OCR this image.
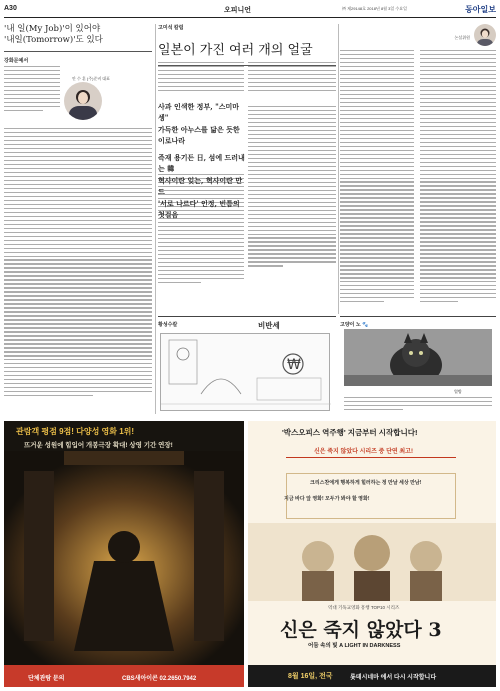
A30	오피니언	㈜ 제29148호 2018년 8월 3일 수요일	동아일보
'내 일(My Job)'이 있어야
'내일(Tomorrow)'도 있다
강화문예서
안 수 훈 (주)준비 대표
고미석 칼럼
일본이 가진 여러 개의 얼굴
사과 인색한 정부, "스미마셍"
가득한 아누스를 닮은 듯한 이로나라
즉재 용기든 日, 섬에 드러내는 韓
혁사이란 잊는, 혁사이란 만드
'서로 나르다' 인정, 빈틈의 첫걸음
논설위원
황성수칼	비반세
₩
고양이 노 🐾
열방
관람객 평점 9점! 다양성 영화 1위!
뜨거운 성원에 힘입어 개봉극장 확대! 상영 기간 연장!
단체관람 문의	CBS새아이콘 02.2650.7942
'박스오피스 역주행' 지금부터 시작합니다!
신은 죽지 않았다 시리즈 중 단연 최고!
크리스찬에게 행복하게 힐러하는 정 만날 세상 만남!
지금 바다 앞 영화! 모두가 봐야 할 영화!
역대 기독교영화 흥행 TOP10 시리즈
신은 죽지 않았다 3
어둠 속의 빛 A LIGHT IN DARKNESS
8월 16일, 전국	롯데시네마 에서 다시 시작합니다
